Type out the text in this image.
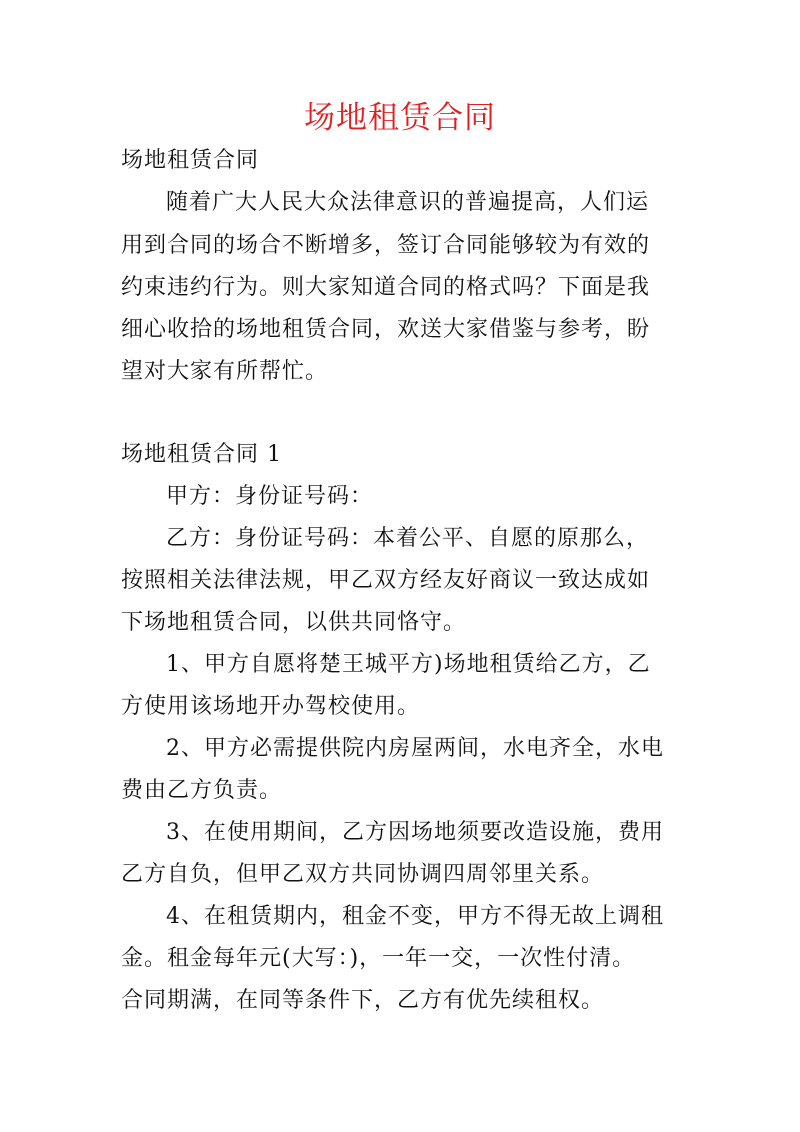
场地租赁合同
场地租赁合同
随着广大人民大众法律意识的普遍提高，人们运
用到合同的场合不断增多，签订合同能够较为有效的
约束违约行为。则大家知道合同的格式吗？下面是我
细心收拾的场地租赁合同，欢送大家借鉴与参考，盼
望对大家有所帮忙。
场地租赁合同 1
甲方：身份证号码：
乙方：身份证号码：本着公平、自愿的原那么，
按照相关法律法规，甲乙双方经友好商议一致达成如
下场地租赁合同，以供共同恪守。
1、甲方自愿将楚王城平方)场地租赁给乙方，乙
方使用该场地开办驾校使用。
2、甲方必需提供院内房屋两间，水电齐全，水电
费由乙方负责。
3、在使用期间，乙方因场地须要改造设施，费用
乙方自负，但甲乙双方共同协调四周邻里关系。
4、在租赁期内，租金不变，甲方不得无故上调租
金。租金每年元(大写：)，一年一交，一次性付清。
合同期满，在同等条件下，乙方有优先续租权。
